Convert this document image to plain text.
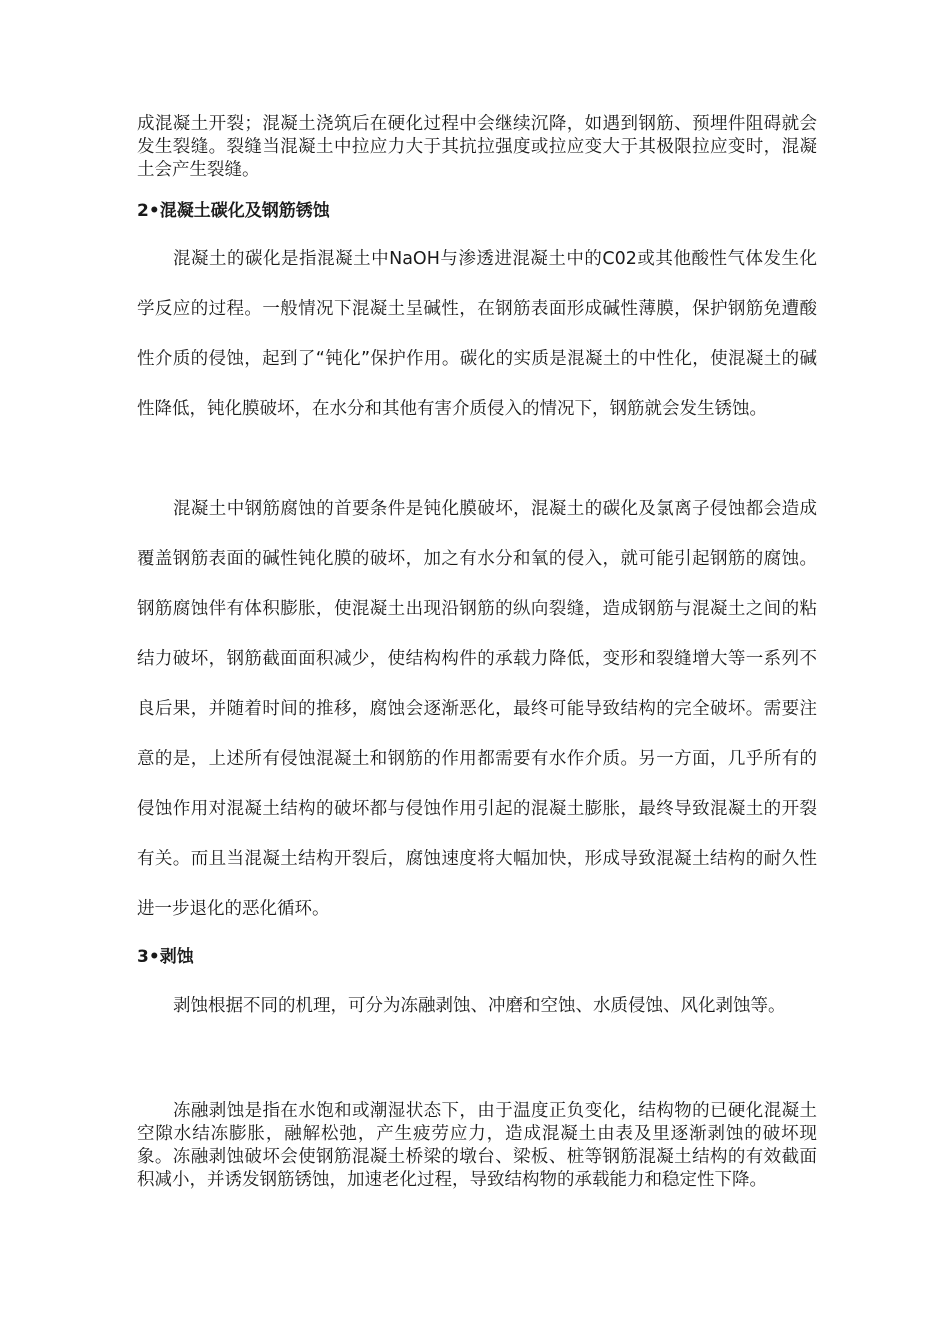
成混凝土开裂；混凝土浇筑后在硬化过程中会继续沉降，如遇到钢筋、预埋件阻碍就会发生裂缝。裂缝当混凝土中拉应力大于其抗拉强度或拉应变大于其极限拉应变时，混凝土会产生裂缝。

2•混凝土碳化及钢筋锈蚀

混凝土的碳化是指混凝土中NaOH与渗透进混凝土中的C02或其他酸性气体发生化学反应的过程。一般情况下混凝土呈碱性，在钢筋表面形成碱性薄膜，保护钢筋免遭酸性介质的侵蚀，起到了“钝化”保护作用。碳化的实质是混凝土的中性化，使混凝土的碱性降低，钝化膜破坏，在水分和其他有害介质侵入的情况下，钢筋就会发生锈蚀。

混凝土中钢筋腐蚀的首要条件是钝化膜破坏，混凝土的碳化及氯离子侵蚀都会造成覆盖钢筋表面的碱性钝化膜的破坏，加之有水分和氧的侵入，就可能引起钢筋的腐蚀。钢筋腐蚀伴有体积膨胀，使混凝土出现沿钢筋的纵向裂缝，造成钢筋与混凝土之间的粘结力破坏，钢筋截面面积减少，使结构构件的承载力降低，变形和裂缝增大等一系列不良后果，并随着时间的推移，腐蚀会逐渐恶化，最终可能导致结构的完全破坏。需要注意的是，上述所有侵蚀混凝土和钢筋的作用都需要有水作介质。另一方面，几乎所有的侵蚀作用对混凝土结构的破坏都与侵蚀作用引起的混凝土膨胀，最终导致混凝土的开裂有关。而且当混凝土结构开裂后，腐蚀速度将大幅加快，形成导致混凝土结构的耐久性进一步退化的恶化循环。

3•剥蚀

剥蚀根据不同的机理，可分为冻融剥蚀、冲磨和空蚀、水质侵蚀、风化剥蚀等。

冻融剥蚀是指在水饱和或潮湿状态下，由于温度正负变化，结构物的已硬化混凝土空隙水结冻膨胀，融解松弛，产生疲劳应力，造成混凝土由表及里逐渐剥蚀的破坏现象。冻融剥蚀破坏会使钢筋混凝土桥梁的墩台、梁板、桩等钢筋混凝土结构的有效截面积减小，并诱发钢筋锈蚀，加速老化过程，导致结构物的承载能力和稳定性下降。
